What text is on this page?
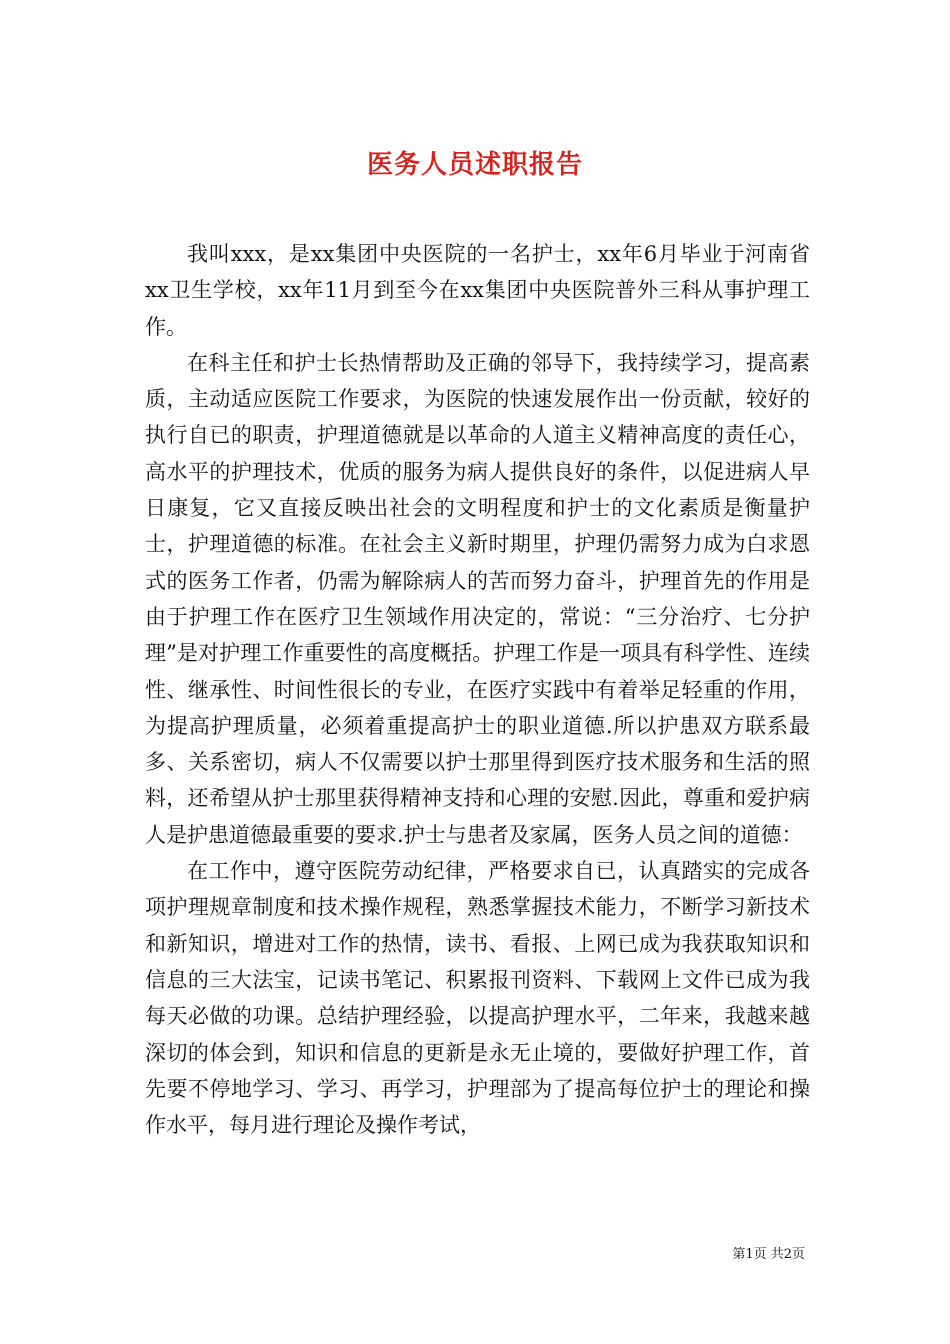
医务人员述职报告

我叫xxx，是xx集团中央医院的一名护士，xx年6月毕业于河南省xx卫生学校，xx年11月到至今在xx集团中央医院普外三科从事护理工作。

在科主任和护士长热情帮助及正确的邻导下，我持续学习，提高素质，主动适应医院工作要求，为医院的快速发展作出一份贡献，较好的执行自已的职责，护理道德就是以革命的人道主义精神高度的责任心，高水平的护理技术，优质的服务为病人提供良好的条件，以促进病人早日康复，它又直接反映出社会的文明程度和护士的文化素质是衡量护士，护理道德的标准。在社会主义新时期里，护理仍需努力成为白求恩式的医务工作者，仍需为解除病人的苦而努力奋斗，护理首先的作用是由于护理工作在医疗卫生领域作用决定的，常说：“三分治疗、七分护理”是对护理工作重要性的高度概括。护理工作是一项具有科学性、连续性、继承性、时间性很长的专业，在医疗实践中有着举足轻重的作用，为提高护理质量，必须着重提高护士的职业道德.所以护患双方联系最多、关系密切，病人不仅需要以护士那里得到医疗技术服务和生活的照料，还希望从护士那里获得精神支持和心理的安慰.因此，尊重和爱护病人是护患道德最重要的要求.护士与患者及家属，医务人员之间的道德：

在工作中，遵守医院劳动纪律，严格要求自已，认真踏实的完成各项护理规章制度和技术操作规程，熟悉掌握技术能力，不断学习新技术和新知识，增进对工作的热情，读书、看报、上网已成为我获取知识和信息的三大法宝，记读书笔记、积累报刊资料、下载网上文件已成为我每天必做的功课。总结护理经验，以提高护理水平，二年来，我越来越深切的体会到，知识和信息的更新是永无止境的，要做好护理工作，首先要不停地学习、学习、再学习，护理部为了提高每位护士的理论和操作水平，每月进行理论及操作考试，

第1页 共2页
